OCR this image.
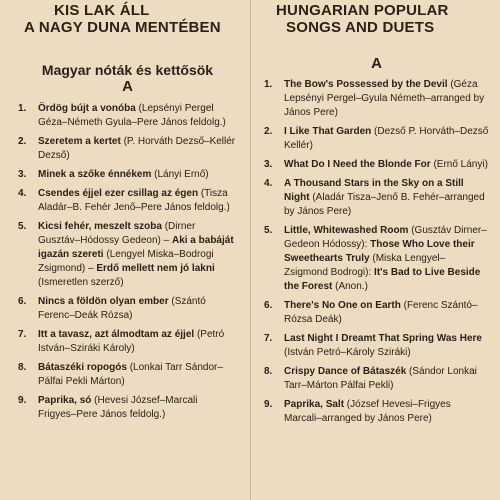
KIS LAK ÁLL
A NAGY DUNA MENTÉBEN
Magyar nóták és kettősök
A
1. Ördög bújt a vonóba (Lepsényi Pergel Géza–Németh Gyula–Pere János feldolg.)
2. Szeretem a kertet (P. Horváth Dezső–Kellér Dezső)
3. Minek a szőke énnékem (Lányi Ernő)
4. Csendes éjjel ezer csillag az égen (Tisza Aladár–B. Fehér Jenő–Pere János feldolg.)
5. Kicsi fehér, meszelt szoba (Dirner Gusztáv–Hódossy Gedeon) – Aki a babáját igazán szereti (Lengyel Miska–Bodrogi Zsigmond) – Erdő mellett nem jó lakni (Ismeretlen szerző)
6. Nincs a földön olyan ember (Szántó Ferenc–Deák Rózsa)
7. Itt a tavasz, azt álmodtam az éjjel (Petró István–Sziráki Károly)
8. Bátaszéki ropogós (Lonkai Tarr Sándor–Pálfai Pekli Márton)
9. Paprika, só (Hevesi József–Marcali Frigyes–Pere János feldolg.)
HUNGARIAN POPULAR
SONGS AND DUETS
A
1. The Bow's Possessed by the Devil (Géza Lepsényi Pergel–Gyula Németh–arranged by János Pere)
2. I Like That Garden (Dezső P. Horváth–Dezső Kellér)
3. What Do I Need the Blonde For (Ernő Lányi)
4. A Thousand Stars in the Sky on a Still Night (Aladár Tisza–Jenő B. Fehér–arranged by János Pere)
5. Little, Whitewashed Room (Gusztáv Dirner–Gedeon Hódossy): Those Who Love their Sweethearts Truly (Miska Lengyel–Zsigmond Bodrogi): It's Bad to Live Beside the Forest (Anon.)
6. There's No One on Earth (Ferenc Szántó–Rózsa Deák)
7. Last Night I Dreamt That Spring Was Here (István Petró–Károly Sziráki)
8. Crispy Dance of Bátaszék (Sándor Lonkai Tarr–Márton Pálfai Pekli)
9. Paprika, Salt (József Hevesi–Frigyes Marcali–arranged by János Pere)
